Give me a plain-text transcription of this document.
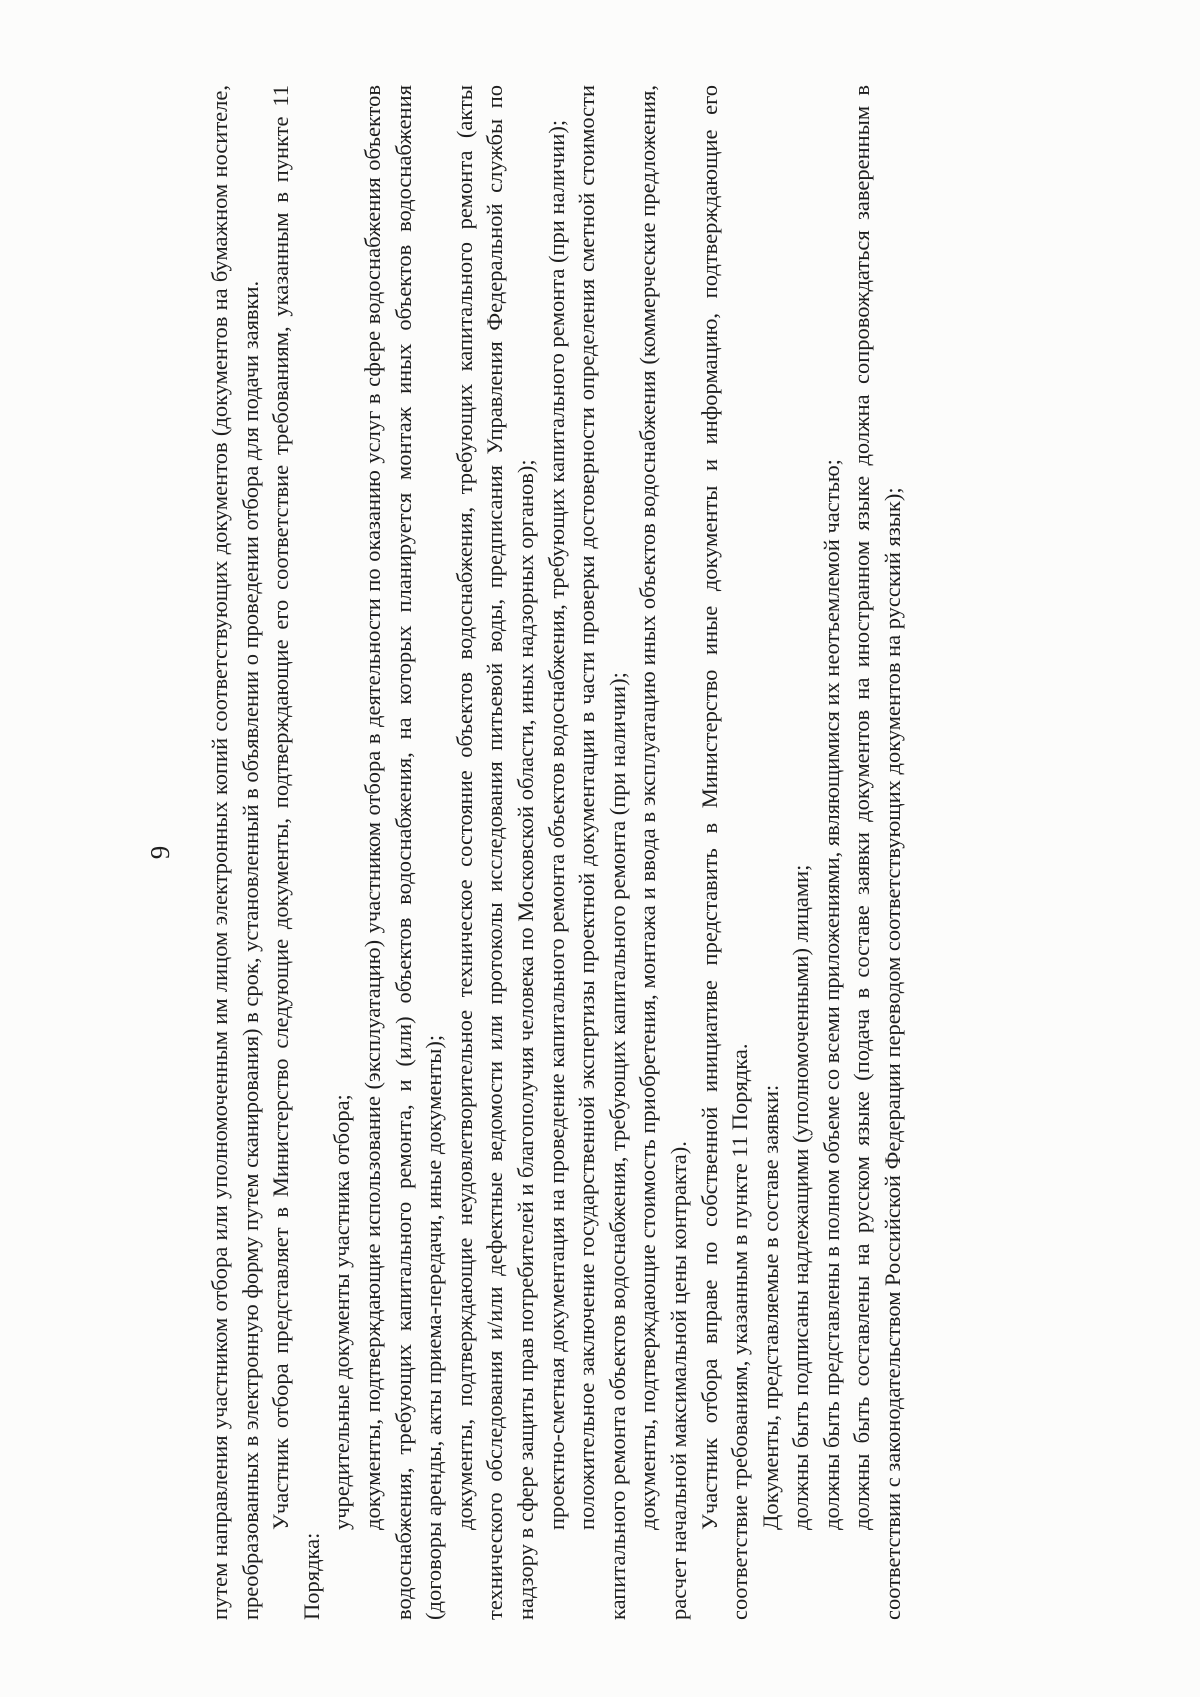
9 путем направления участником отбора или уполномоченным им лицом электронных копий соответствующих документов (документов на бумажном носителе, преобразованных в электронную форму путем сканирования) в срок, установленный в объявлении о проведении отбора для подачи заявки. Участник отбора представляет в Министерство следующие документы, подтверждающие его соответствие требованиям, указанным в пункте 11 Порядка:

учредительные документы участника отбора; документы, подтверждающие использование (эксплуатацию) участником отбора в деятельности по оказанию услуг в сфере водоснабжения объектов водоснабжения, требующих капитального ремонта, и (или) объектов водоснабжения, на которых планируется монтаж иных объектов водоснабжения (договоры аренды, акты приема-передачи, иные документы); документы, подтверждающие неудовлетворительное техническое состояние объектов водоснабжения, требующих капитального ремонта (акты технического обследования и/или дефектные ведомости или протоколы исследования питьевой воды, предписания Управления Федеральной службы по надзору в сфере защиты прав потребителей и благополучия человека по Московской области, иных надзорных органов); проектно-сметная документация на проведение капитального ремонта объектов водоснабжения, требующих капитального ремонта (при наличии); положительное заключение государственной экспертизы проектной документации в части проверки достоверности определения сметной стоимости капитального ремонта объектов водоснабжения, требующих капитального ремонта (при наличии); документы, подтверждающие стоимость приобретения, монтажа и ввода в эксплуатацию иных объектов водоснабжения (коммерческие предложения, расчет начальной максимальной цены контракта). Участник отбора вправе по собственной инициативе представить в Министерство иные документы и информацию, подтверждающие его соответствие требованиям, указанным в пункте 11 Порядка. Документы, представляемые в составе заявки: должны быть подписаны надлежащими (уполномоченными) лицами; должны быть представлены в полном объеме со всеми приложениями, являющимися их неотъемлемой частью; должны быть составлены на русском языке (подача в составе заявки документов на иностранном языке должна сопровождаться заверенным в соответствии с законодательством Российской Федерации переводом соответствующих документов на русский язык);
